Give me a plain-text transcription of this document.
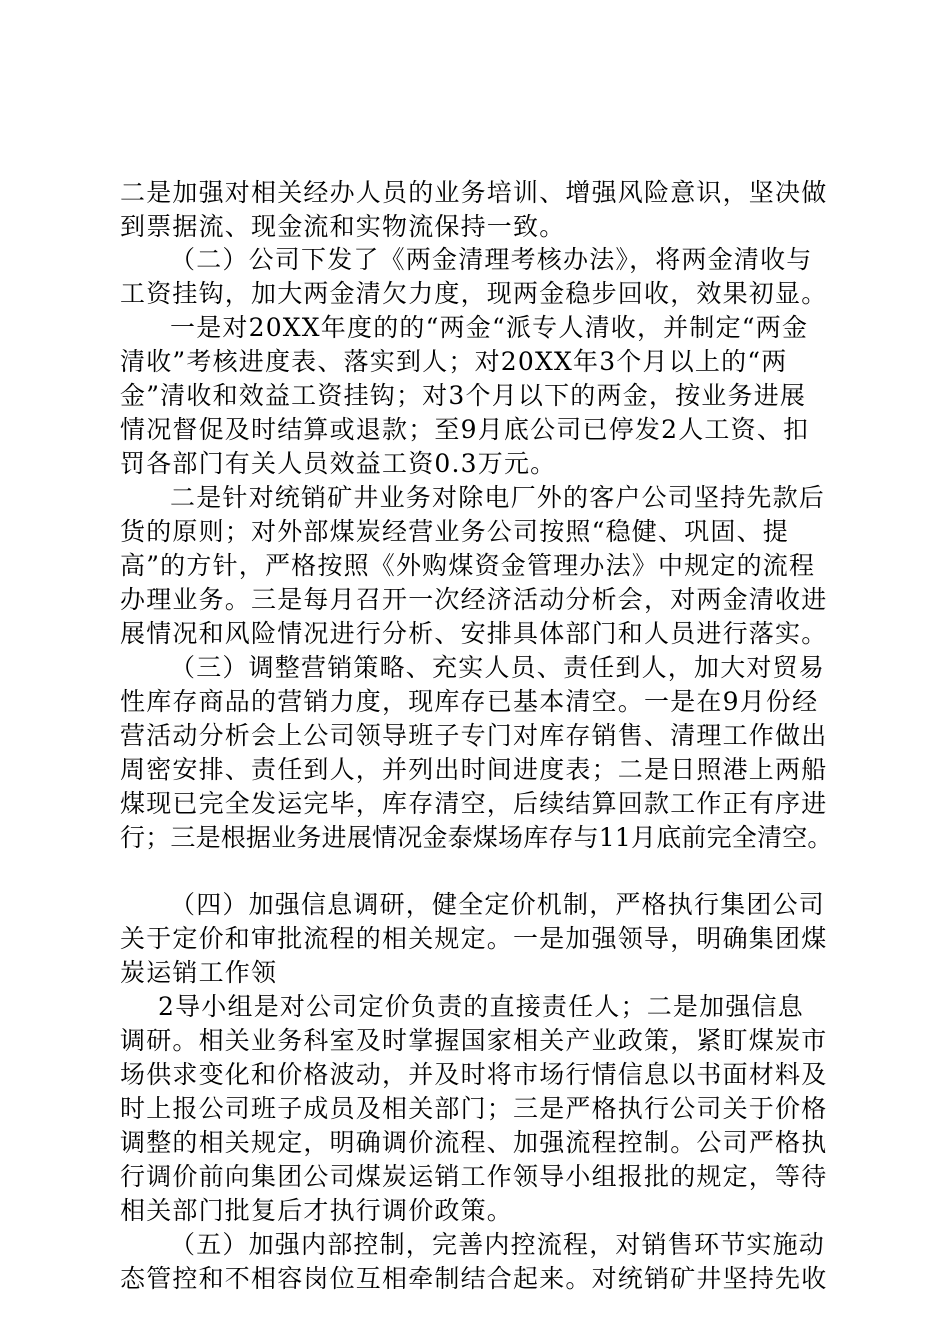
二是加强对相关经办人员的业务培训、增强风险意识，坚决做
到票据流、现金流和实物流保持一致。
（二）公司下发了《两金清理考核办法》，将两金清收与
工资挂钩，加大两金清欠力度，现两金稳步回收，效果初显。
一是对20XX年度的的“两金“派专人清收，并制定“两金
清收”考核进度表、落实到人；对20XX年3个月以上的“两
金”清收和效益工资挂钩；对3个月以下的两金，按业务进展
情况督促及时结算或退款；至9月底公司已停发2人工资、扣
罚各部门有关人员效益工资0.3万元。
二是针对统销矿井业务对除电厂外的客户公司坚持先款后
货的原则；对外部煤炭经营业务公司按照“稳健、巩固、提
高”的方针，严格按照《外购煤资金管理办法》中规定的流程
办理业务。三是每月召开一次经济活动分析会，对两金清收进
展情况和风险情况进行分析、安排具体部门和人员进行落实。
（三）调整营销策略、充实人员、责任到人，加大对贸易
性库存商品的营销力度，现库存已基本清空。一是在9月份经
营活动分析会上公司领导班子专门对库存销售、清理工作做出
周密安排、责任到人，并列出时间进度表；二是日照港上两船
煤现已完全发运完毕，库存清空，后续结算回款工作正有序进
行；三是根据业务进展情况金泰煤场库存与11月底前完全清空。
（四）加强信息调研，健全定价机制，严格执行集团公司
关于定价和审批流程的相关规定。一是加强领导，明确集团煤
炭运销工作领
2导小组是对公司定价负责的直接责任人；二是加强信息
调研。相关业务科室及时掌握国家相关产业政策，紧盯煤炭市
场供求变化和价格波动，并及时将市场行情信息以书面材料及
时上报公司班子成员及相关部门；三是严格执行公司关于价格
调整的相关规定，明确调价流程、加强流程控制。公司严格执
行调价前向集团公司煤炭运销工作领导小组报批的规定，等待
相关部门批复后才执行调价政策。
（五）加强内部控制，完善内控流程，对销售环节实施动
态管控和不相容岗位互相牵制结合起来。对统销矿井坚持先收
